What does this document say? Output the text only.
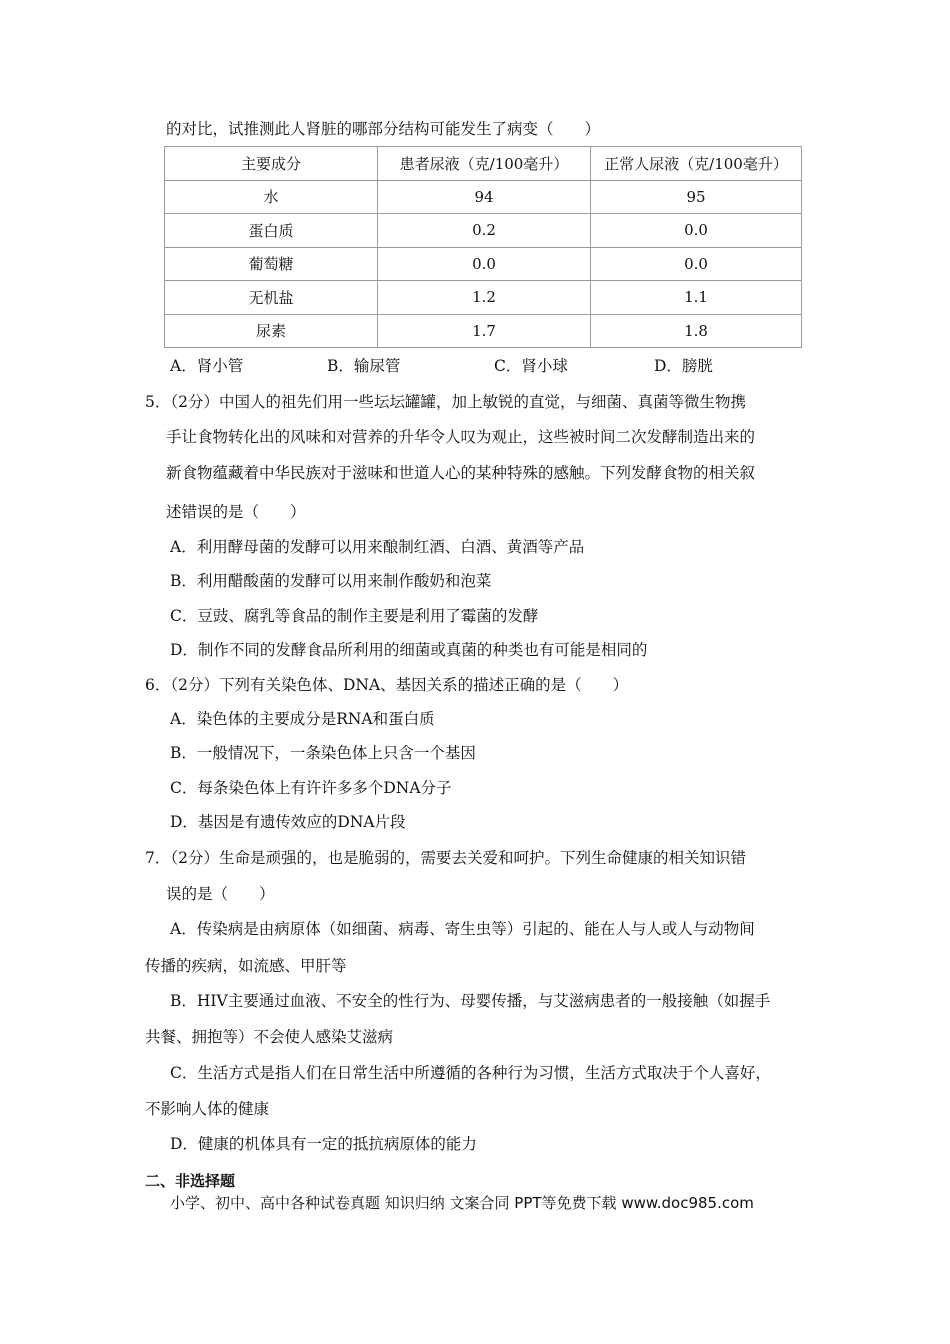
的对比，试推测此人肾脏的哪部分结构可能发生了病变（　　）
主要成分	患者尿液（克/100毫升）	正常人尿液（克/100毫升）
水	94	95
蛋白质	0.2	0.0
葡萄糖	0.0	0.0
无机盐	1.2	1.1
尿素	1.7	1.8
A．肾小管	B．输尿管	C．肾小球	D．膀胱
5．（2分）中国人的祖先们用一些坛坛罐罐，加上敏锐的直觉，与细菌、真菌等微生物携
手让食物转化出的风味和对营养的升华令人叹为观止，这些被时间二次发酵制造出来的
新食物蕴藏着中华民族对于滋味和世道人心的某种特殊的感触。下列发酵食物的相关叙
述错误的是（　　）
A．利用酵母菌的发酵可以用来酿制红酒、白酒、黄酒等产品
B．利用醋酸菌的发酵可以用来制作酸奶和泡菜
C．豆豉、腐乳等食品的制作主要是利用了霉菌的发酵
D．制作不同的发酵食品所利用的细菌或真菌的种类也有可能是相同的
6．（2分）下列有关染色体、DNA、基因关系的描述正确的是（　　）
A．染色体的主要成分是RNA和蛋白质
B．一般情况下，一条染色体上只含一个基因
C．每条染色体上有许许多多个DNA分子
D．基因是有遗传效应的DNA片段
7．（2分）生命是顽强的，也是脆弱的，需要去关爱和呵护。下列生命健康的相关知识错
误的是（　　）
A．传染病是由病原体（如细菌、病毒、寄生虫等）引起的、能在人与人或人与动物间
传播的疾病，如流感、甲肝等
B．HIV主要通过血液、不安全的性行为、母婴传播，与艾滋病患者的一般接触（如握手
共餐、拥抱等）不会使人感染艾滋病
C．生活方式是指人们在日常生活中所遵循的各种行为习惯，生活方式取决于个人喜好，
不影响人体的健康
D．健康的机体具有一定的抵抗病原体的能力
二、非选择题
小学、初中、高中各种试卷真题 知识归纳 文案合同 PPT等免费下载 www.doc985.com
